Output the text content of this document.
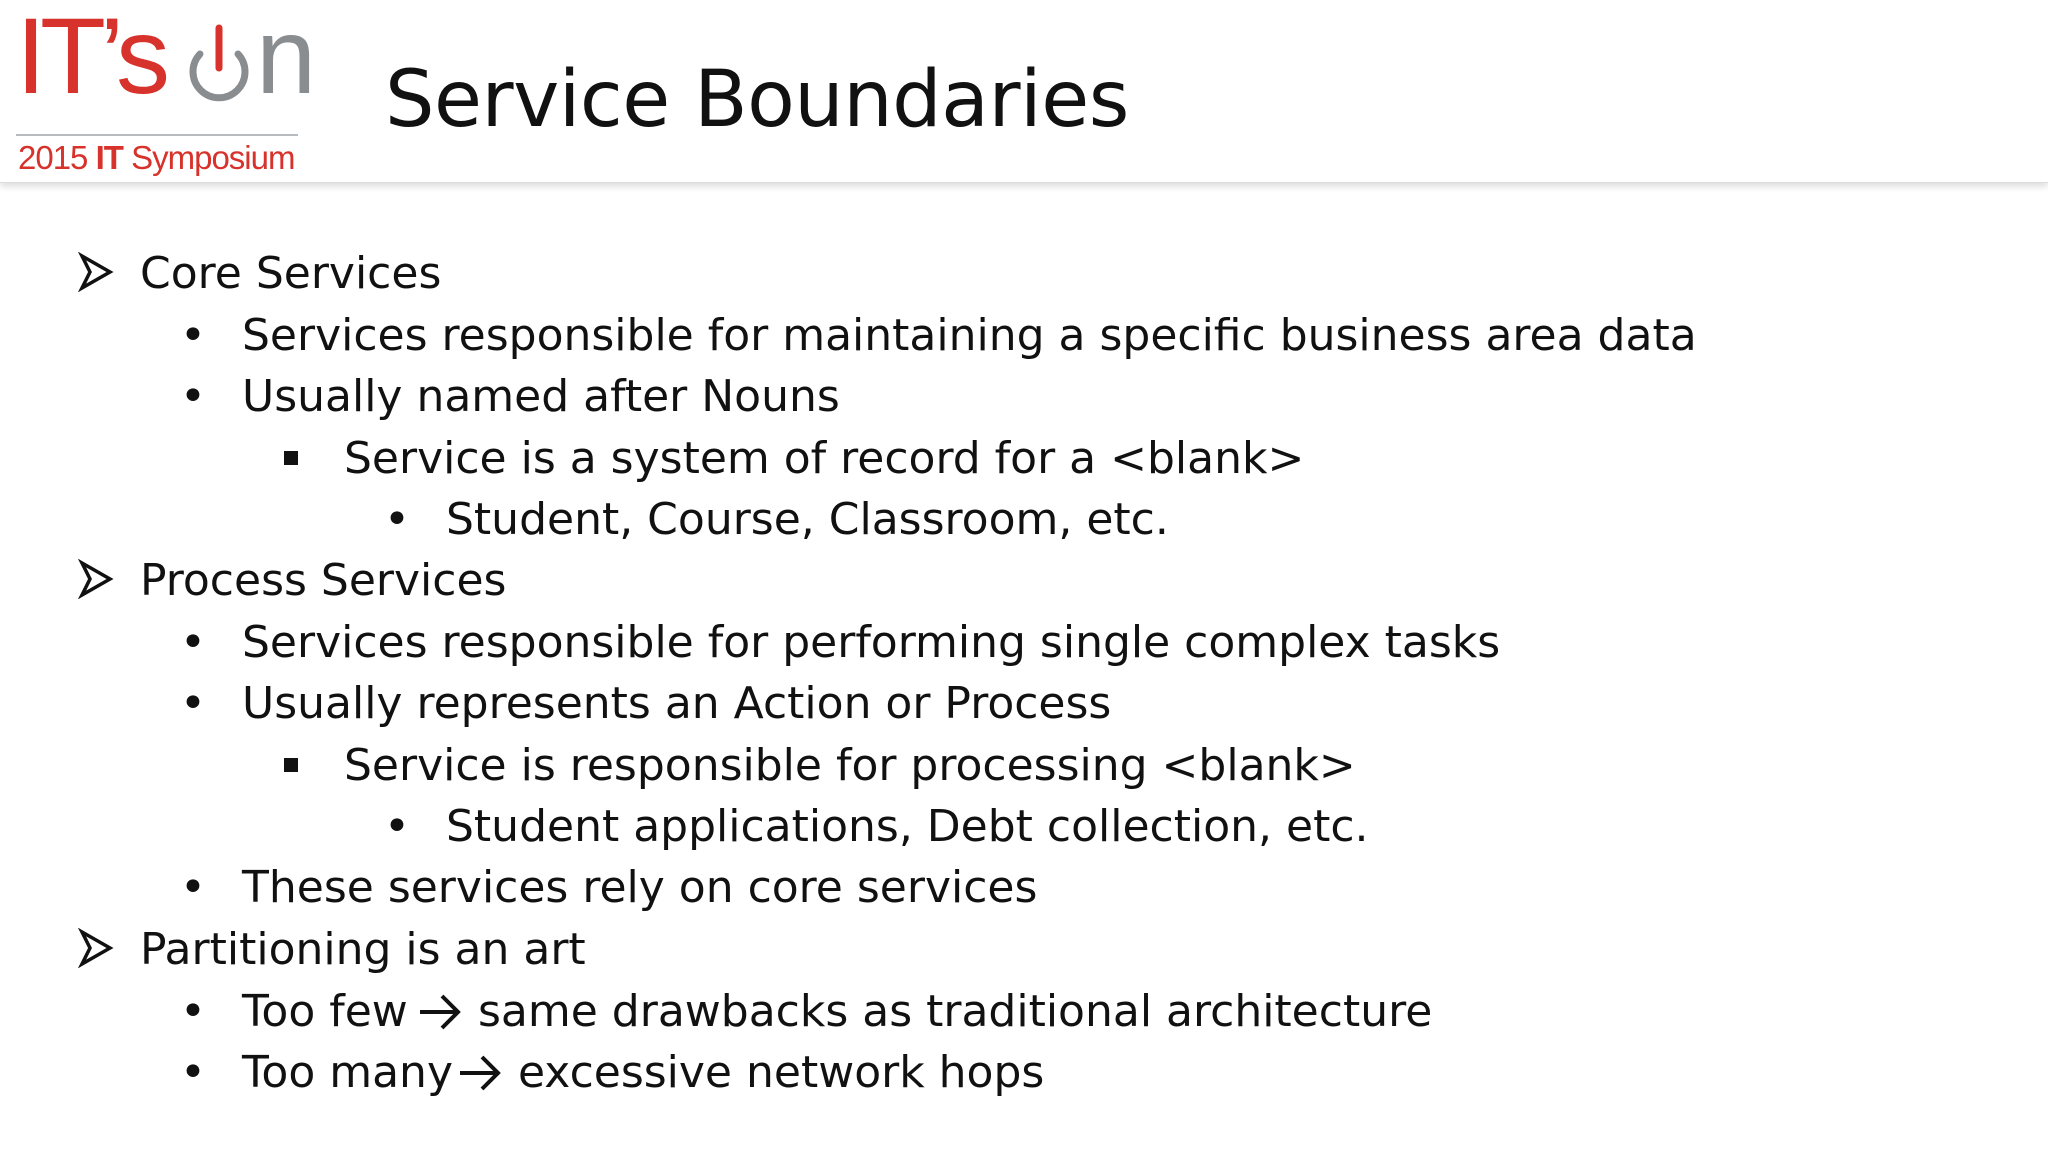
IT’s n
2015 IT Symposium
Service Boundaries
Core Services
• Services responsible for maintaining a specific business area data
• Usually named after Nouns
Service is a system of record for a <blank>
• Student, Course, Classroom, etc.
Process Services
• Services responsible for performing single complex tasks
• Usually represents an Action or Process
Service is responsible for processing <blank>
• Student applications, Debt collection, etc.
• These services rely on core services
Partitioning is an art
• Too few same drawbacks as traditional architecture
• Too many excessive network hops
